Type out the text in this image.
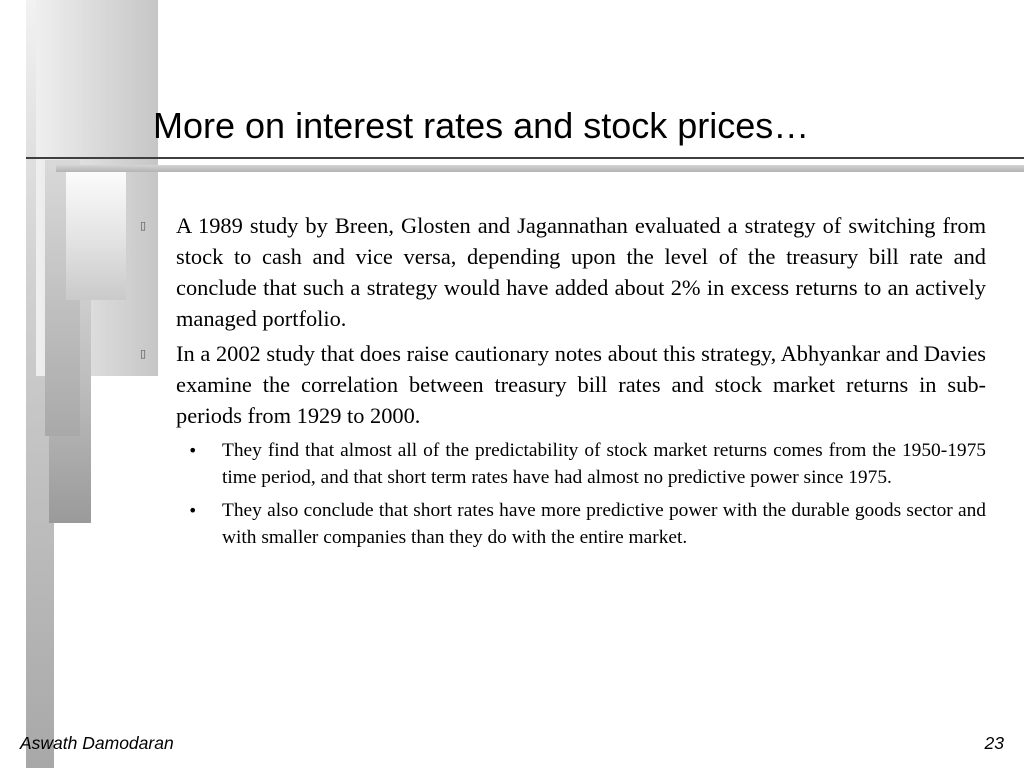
More on interest rates and stock prices…
▯ A 1989 study by Breen, Glosten and Jagannathan evaluated a strategy of switching from stock to cash and vice versa, depending upon the level of the treasury bill rate and conclude that such a strategy would have added about 2% in excess returns to an actively managed portfolio.
▯ In a 2002 study that does raise cautionary notes about this strategy, Abhyankar and Davies examine the correlation between treasury bill rates and stock market returns in sub-periods from 1929 to 2000.
• They find that almost all of the predictability of stock market returns comes from the 1950-1975 time period, and that short term rates have had almost no predictive power since 1975.
• They also conclude that short rates have more predictive power with the durable goods sector and with smaller companies than they do with the entire market.
Aswath Damodaran	23
